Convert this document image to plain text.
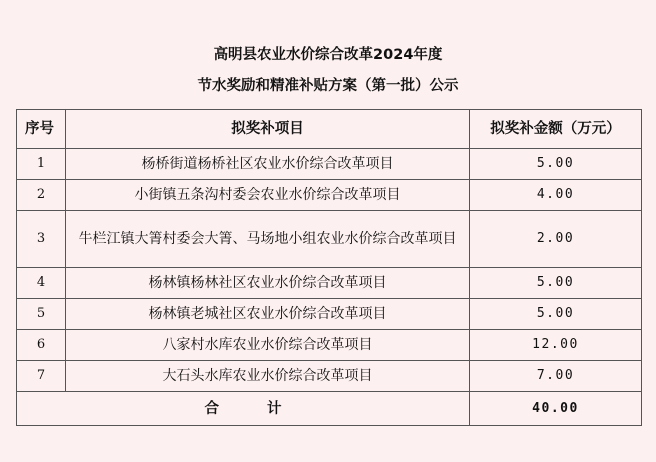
高明县农业水价综合改革2024年度
节水奖励和精准补贴方案（第一批）公示
序号	拟奖补项目	拟奖补金额（万元）
1	杨桥街道杨桥社区农业水价综合改革项目	5.00
2	小街镇五条沟村委会农业水价综合改革项目	4.00
3	牛栏江镇大箐村委会大箐、马场地小组农业水价综合改革项目	2.00
4	杨林镇杨林社区农业水价综合改革项目	5.00
5	杨林镇老城社区农业水价综合改革项目	5.00
6	八家村水库农业水价综合改革项目	12.00
7	大石头水库农业水价综合改革项目	7.00
合计		40.00
